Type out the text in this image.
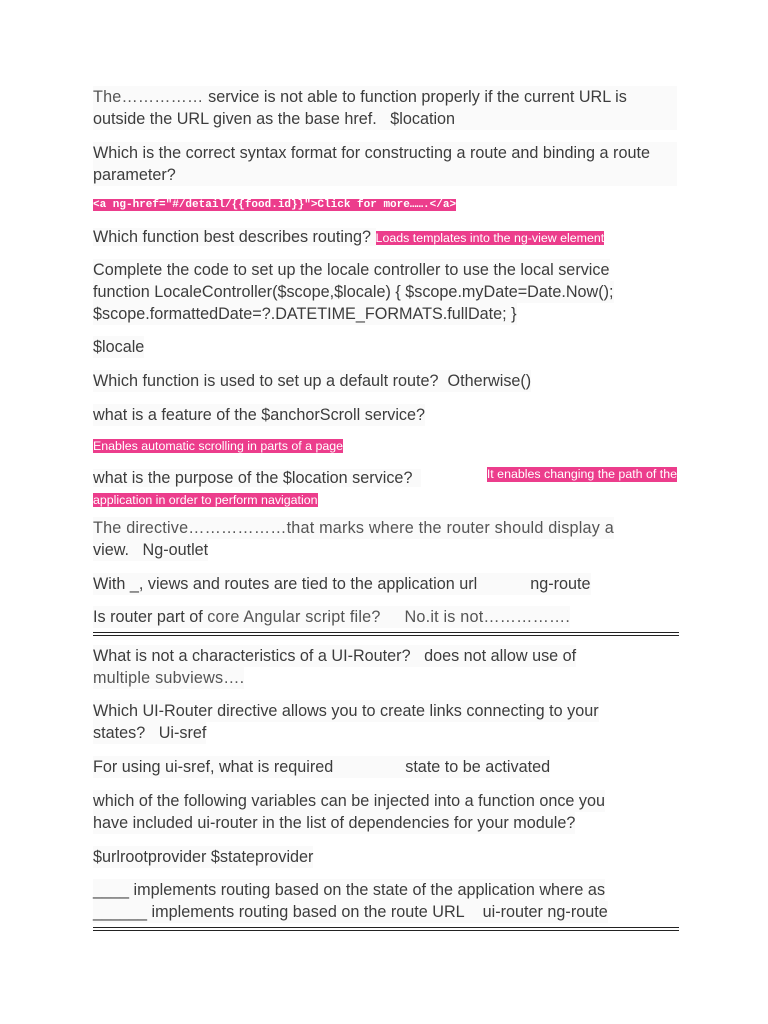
The…………… service is not able to function properly if the current URL is outside the URL given as the base href. $location

Which is the correct syntax format for constructing a route and binding a route parameter?

<a ng-href="#/detail/{{food.id}}">Click for more…….</a>

Which function best describes routing? Loads templates into the ng-view element

Complete the code to set up the locale controller to use the local service

function LocaleController($scope,$locale) { $scope.myDate=Date.Now();

$scope.formattedDate=?.DATETIME_FORMATS.fullDate; }

$locale

Which function is used to set up a default route? Otherwise()

what is a feature of the $anchorScroll service?

Enables automatic scrolling in parts of a page

what is the purpose of the $location service?	It enables changing the path of the
application in order to perform navigation

The directive………………that marks where the router should display a

view. Ng-outlet

With _, views and routes are tied to the application url	ng-route

Is router part of core Angular script file? No.it is not…………….

What is not a characteristics of a UI-Router? does not allow use of

multiple subviews….

Which UI-Router directive allows you to create links connecting to your

states? Ui-sref

For using ui-sref, what is required	state to be activated

which of the following variables can be injected into a function once you

have included ui-router in the list of dependencies for your module?

$urlrootprovider $stateprovider

____ implements routing based on the state of the application where as

______ implements routing based on the route URL ui-router ng-route
